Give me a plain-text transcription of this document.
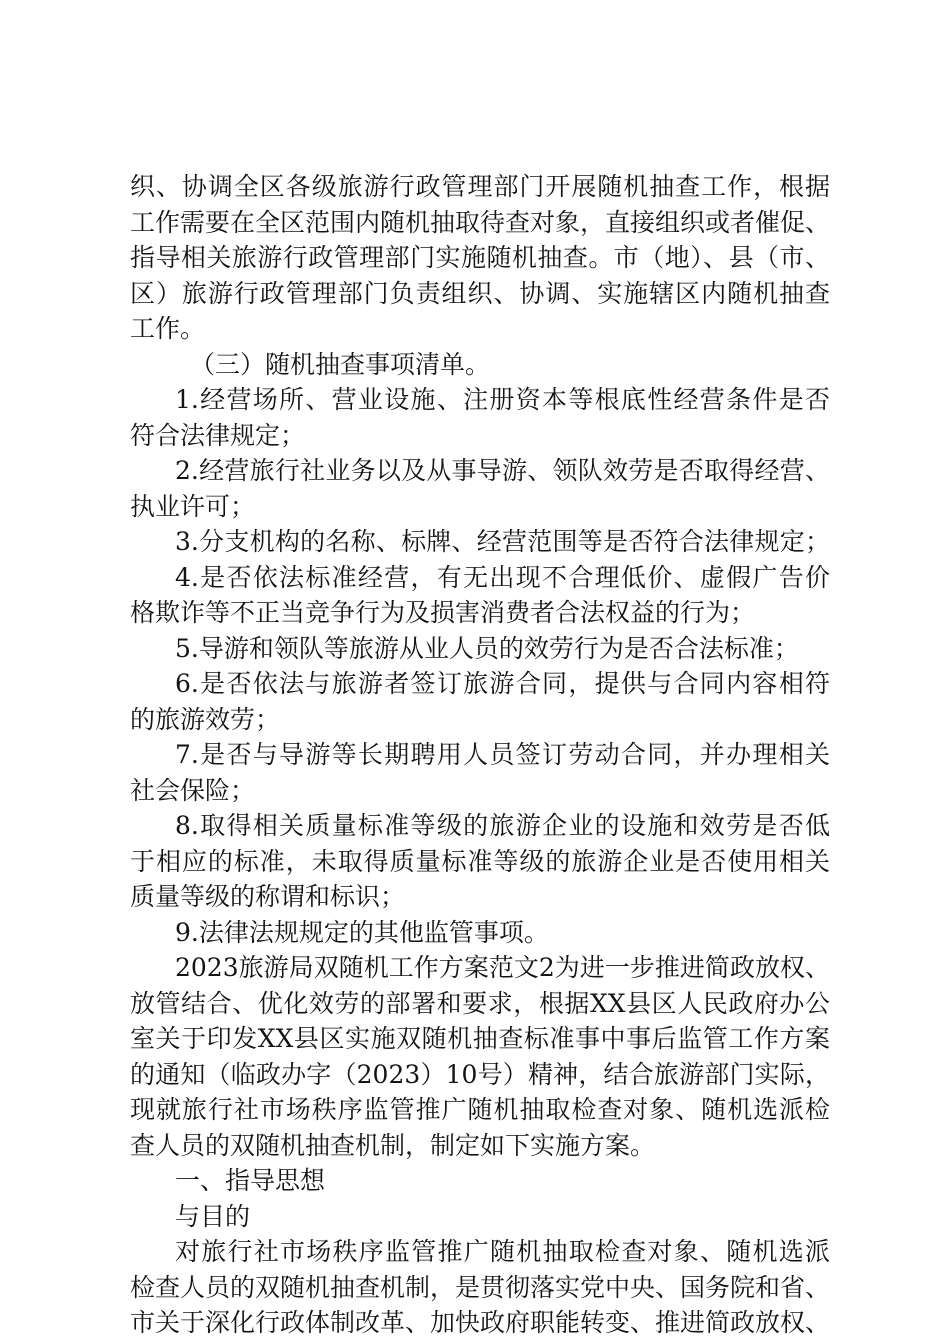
织、协调全区各级旅游行政管理部门开展随机抽查工作，根据
工作需要在全区范围内随机抽取待查对象，直接组织或者催促、
指导相关旅游行政管理部门实施随机抽查。市（地）、县（市、
区）旅游行政管理部门负责组织、协调、实施辖区内随机抽查
工作。
（三）随机抽查事项清单。
1.经营场所、营业设施、注册资本等根底性经营条件是否
符合法律规定；
2.经营旅行社业务以及从事导游、领队效劳是否取得经营、
执业许可；
3.分支机构的名称、标牌、经营范围等是否符合法律规定；
4.是否依法标准经营，有无出现不合理低价、虚假广告价
格欺诈等不正当竞争行为及损害消费者合法权益的行为；
5.导游和领队等旅游从业人员的效劳行为是否合法标准；
6.是否依法与旅游者签订旅游合同，提供与合同内容相符
的旅游效劳；
7.是否与导游等长期聘用人员签订劳动合同，并办理相关
社会保险；
8.取得相关质量标准等级的旅游企业的设施和效劳是否低
于相应的标准，未取得质量标准等级的旅游企业是否使用相关
质量等级的称谓和标识；
9.法律法规规定的其他监管事项。
2023旅游局双随机工作方案范文2为进一步推进简政放权、
放管结合、优化效劳的部署和要求，根据XX县区人民政府办公
室关于印发XX县区实施双随机抽查标准事中事后监管工作方案
的通知（临政办字（2023）10号）精神，结合旅游部门实际，
现就旅行社市场秩序监管推广随机抽取检查对象、随机选派检
查人员的双随机抽查机制，制定如下实施方案。
一、指导思想
与目的
对旅行社市场秩序监管推广随机抽取检查对象、随机选派
检查人员的双随机抽查机制，是贯彻落实党中央、国务院和省、
市关于深化行政体制改革、加快政府职能转变、推进简政放权、
